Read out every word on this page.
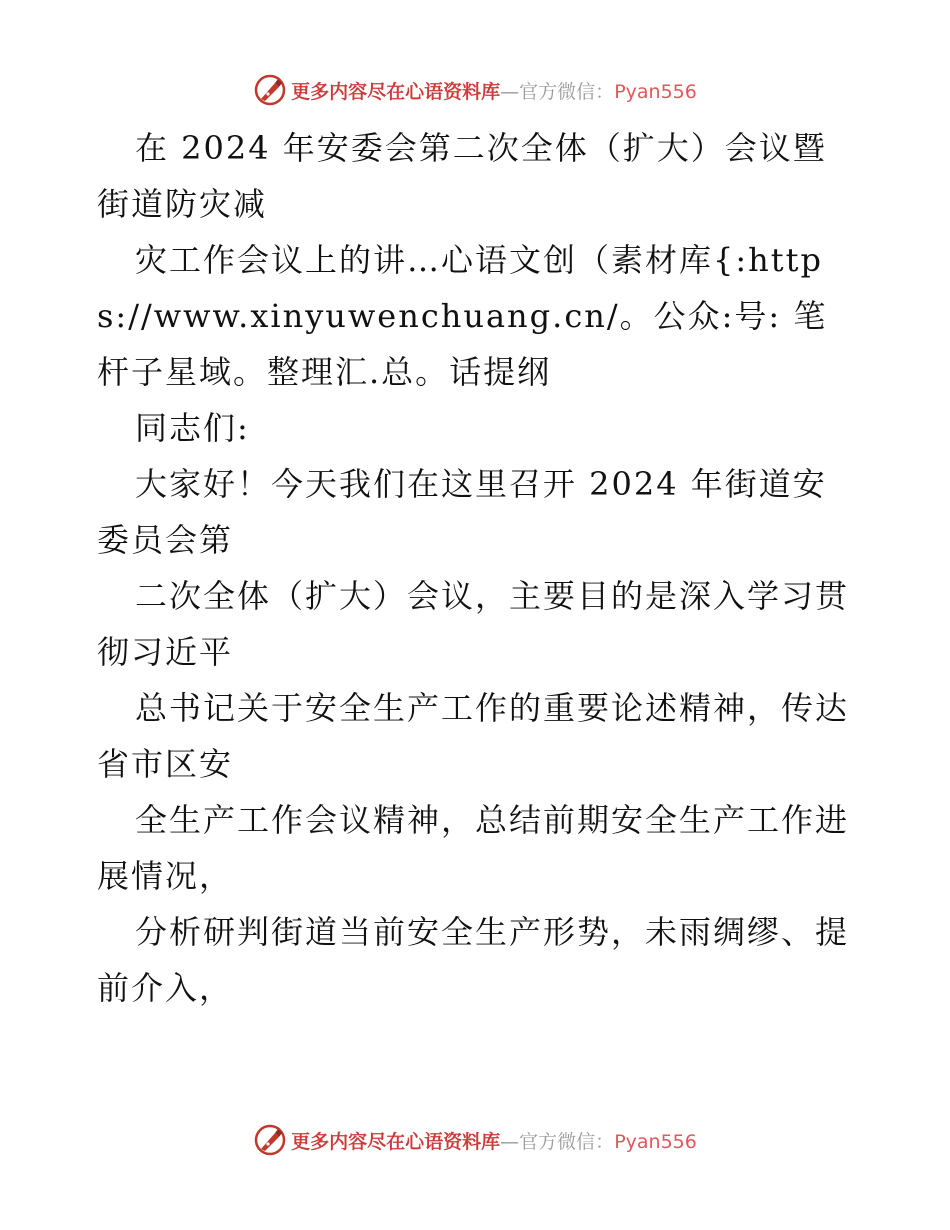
更多内容尽在心语资料库—官方微信：Pyan556

在 2024 年安委会第二次全体（扩大）会议暨街道防灾减

灾工作会议上的讲…心语文创（素材库{:https://www.xinyuwenchuang.cn/。公众:号: 笔杆子星域。整理汇.总。话提纲

同志们:

大家好！今天我们在这里召开 2024 年街道安委员会第

二次全体（扩大）会议，主要目的是深入学习贯彻习近平

总书记关于安全生产工作的重要论述精神，传达省市区安

全生产工作会议精神，总结前期安全生产工作进展情况，

分析研判街道当前安全生产形势，未雨绸缪、提前介入，

更多内容尽在心语资料库—官方微信：Pyan556
